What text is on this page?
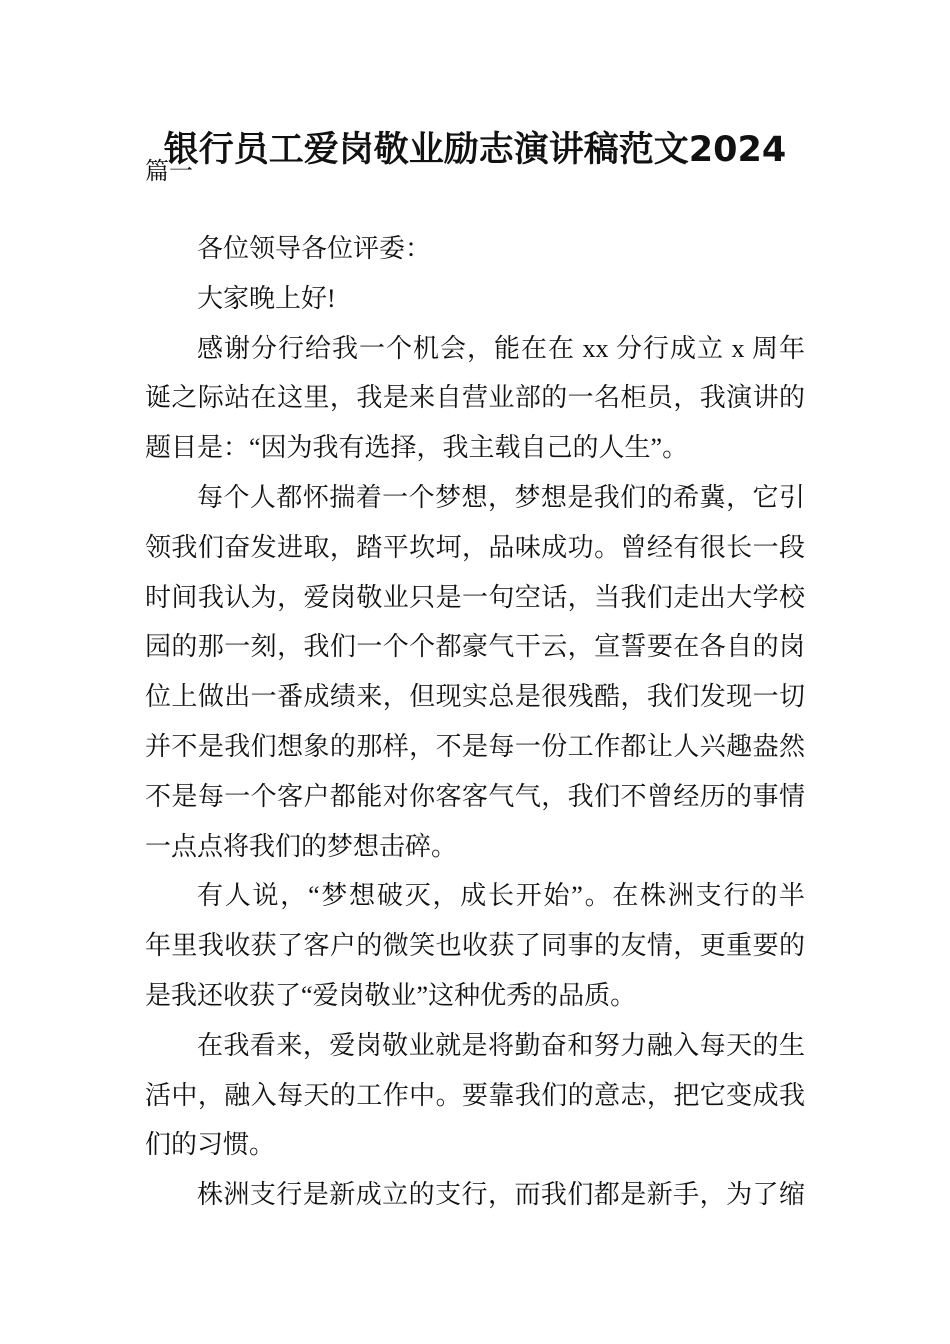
银行员工爱岗敬业励志演讲稿范文2024
篇一
各位领导各位评委：
大家晚上好!
感谢分行给我一个机会，能在在 xx 分行成立 x 周年
诞之际站在这里，我是来自营业部的一名柜员，我演讲的
题目是：“因为我有选择，我主载自己的人生”。
每个人都怀揣着一个梦想，梦想是我们的希冀，它引
领我们奋发进取，踏平坎坷，品味成功。曾经有很长一段
时间我认为，爱岗敬业只是一句空话，当我们走出大学校
园的那一刻，我们一个个都豪气干云，宣誓要在各自的岗
位上做出一番成绩来，但现实总是很残酷，我们发现一切
并不是我们想象的那样，不是每一份工作都让人兴趣盎然
不是每一个客户都能对你客客气气，我们不曾经历的事情
一点点将我们的梦想击碎。
有人说，“梦想破灭，成长开始”。在株洲支行的半
年里我收获了客户的微笑也收获了同事的友情，更重要的
是我还收获了“爱岗敬业”这种优秀的品质。
在我看来，爱岗敬业就是将勤奋和努力融入每天的生
活中，融入每天的工作中。要靠我们的意志，把它变成我
们的习惯。
株洲支行是新成立的支行，而我们都是新手，为了缩
